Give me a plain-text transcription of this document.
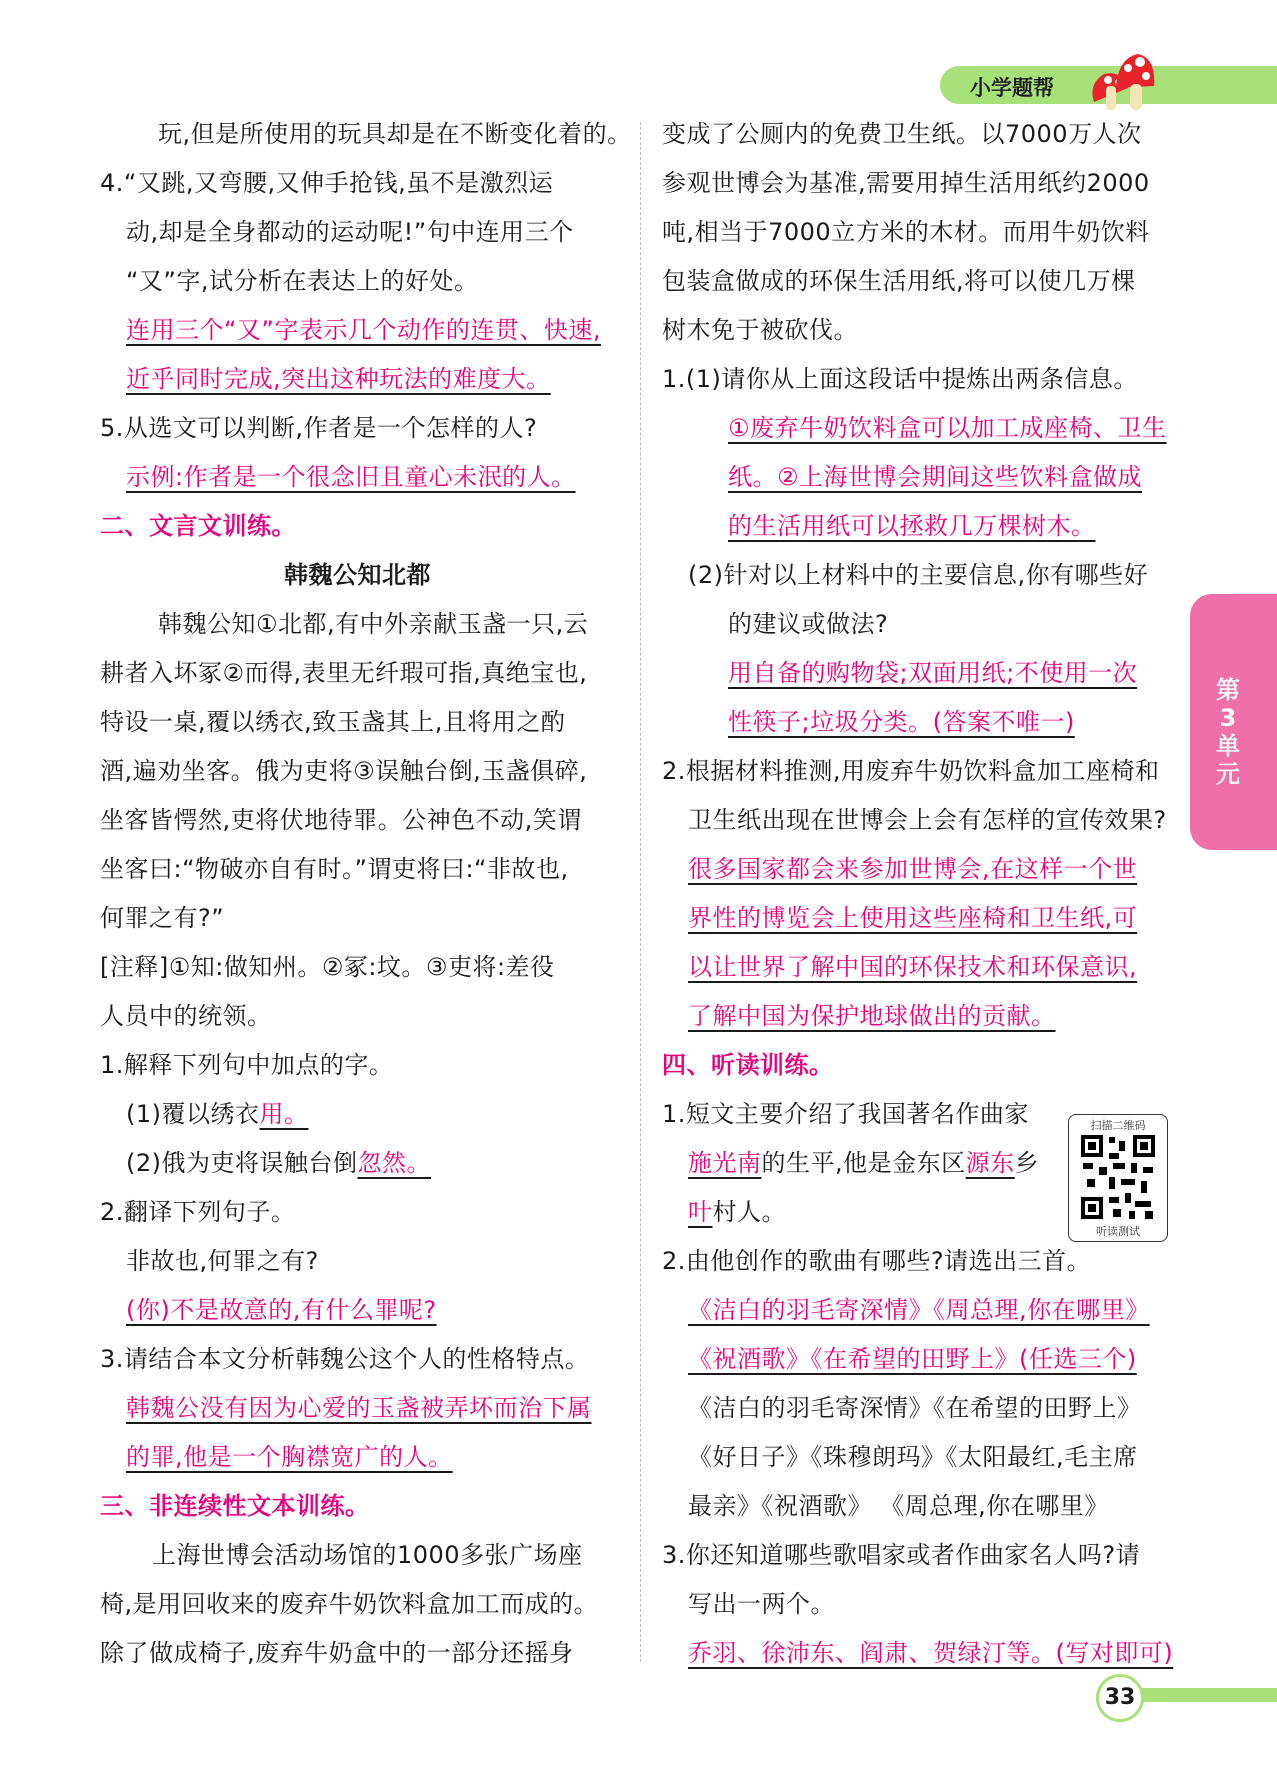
小学题帮
第3单元
玩,但是所使用的玩具却是在不断变化着的。
4.“又跳,又弯腰,又伸手抢钱,虽不是激烈运
动,却是全身都动的运动呢!”句中连用三个
“又”字,试分析在表达上的好处。
连用三个“又”字表示几个动作的连贯、快速,
近乎同时完成,突出这种玩法的难度大。
5.从选文可以判断,作者是一个怎样的人?
示例:作者是一个很念旧且童心未泯的人。
二、文言文训练。
韩魏公知北都
韩魏公知①北都,有中外亲献玉盏一只,云
耕者入坏冢②而得,表里无纤瑕可指,真绝宝也,
特设一桌,覆以绣衣,致玉盏其上,且将用之酌
酒,遍劝坐客。俄为吏将③误触台倒,玉盏俱碎,
坐客皆愕然,吏将伏地待罪。公神色不动,笑谓
坐客曰:“物破亦自有时。”谓吏将曰:“非故也,
何罪之有?”
[注释]①知:做知州。②冢:坟。③吏将:差役
人员中的统领。
1.解释下列句中加点的字。
(1)覆以绣衣用。
(2)俄为吏将误触台倒忽然。
2.翻译下列句子。
非故也,何罪之有?
(你)不是故意的,有什么罪呢?
3.请结合本文分析韩魏公这个人的性格特点。
韩魏公没有因为心爱的玉盏被弄坏而治下属
的罪,他是一个胸襟宽广的人。
三、非连续性文本训练。
上海世博会活动场馆的1000多张广场座
椅,是用回收来的废弃牛奶饮料盒加工而成的。
除了做成椅子,废弃牛奶盒中的一部分还摇身
变成了公厕内的免费卫生纸。以7000万人次
参观世博会为基准,需要用掉生活用纸约2000
吨,相当于7000立方米的木材。而用牛奶饮料
包装盒做成的环保生活用纸,将可以使几万棵
树木免于被砍伐。
1.(1)请你从上面这段话中提炼出两条信息。
①废弃牛奶饮料盒可以加工成座椅、卫生
纸。②上海世博会期间这些饮料盒做成
的生活用纸可以拯救几万棵树木。
(2)针对以上材料中的主要信息,你有哪些好
的建议或做法?
用自备的购物袋;双面用纸;不使用一次
性筷子;垃圾分类。(答案不唯一)
2.根据材料推测,用废弃牛奶饮料盒加工座椅和
卫生纸出现在世博会上会有怎样的宣传效果?
很多国家都会来参加世博会,在这样一个世
界性的博览会上使用这些座椅和卫生纸,可
以让世界了解中国的环保技术和环保意识,
了解中国为保护地球做出的贡献。
四、听读训练。
1.短文主要介绍了我国著名作曲家
施光南的生平,他是金东区源东乡
叶村人。
2.由他创作的歌曲有哪些?请选出三首。
《洁白的羽毛寄深情》《周总理,你在哪里》
《祝酒歌》《在希望的田野上》(任选三个)
《洁白的羽毛寄深情》《在希望的田野上》
《好日子》《珠穆朗玛》《太阳最红,毛主席
最亲》《祝酒歌》 《周总理,你在哪里》
3.你还知道哪些歌唱家或者作曲家名人吗?请
写出一两个。
乔羽、徐沛东、阎肃、贺绿汀等。(写对即可)
扫描二维码
听读测试
33
